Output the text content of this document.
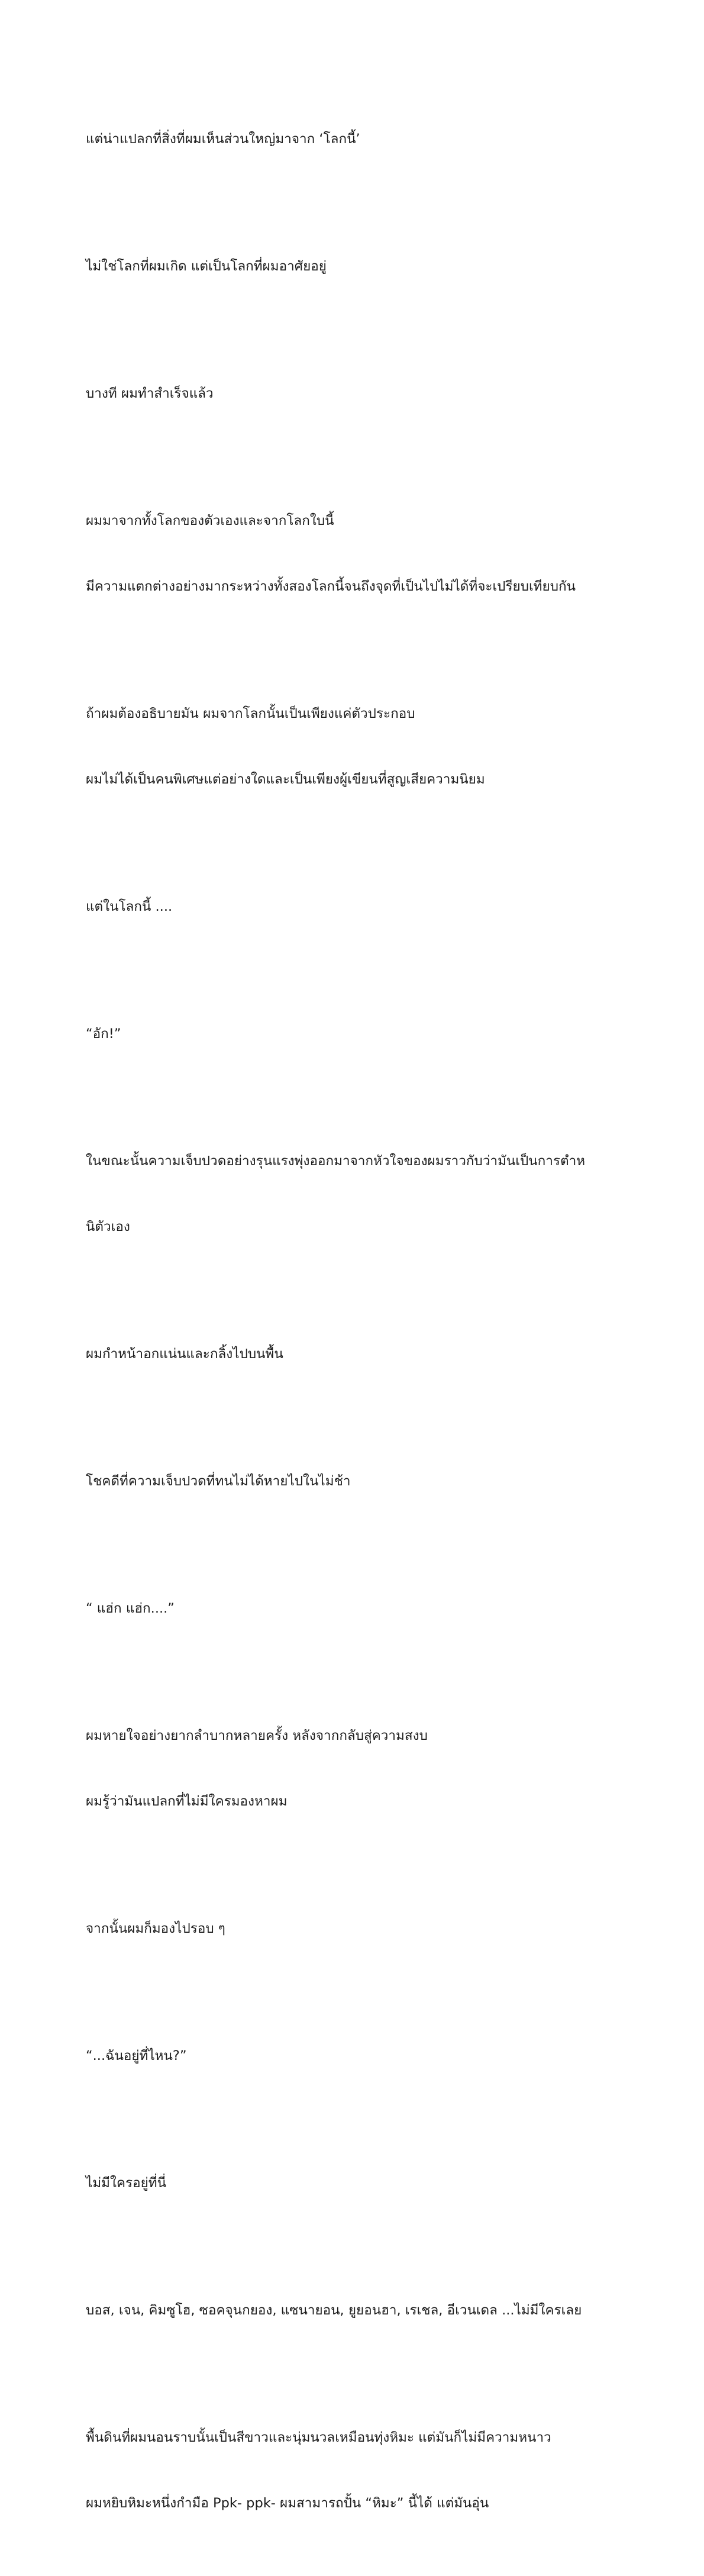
แต่น่าแปลกที่สิ่งที่ผมเห็นส่วนใหญ่มาจาก ‘โลกนี้’

ไม่ใช่โลกที่ผมเกิด แต่เป็นโลกที่ผมอาศัยอยู่

บางที ผมทำสำเร็จแล้ว

ผมมาจากทั้งโลกของตัวเองและจากโลกใบนี้

มีความแตกต่างอย่างมากระหว่างทั้งสองโลกนี้จนถึงจุดที่เป็นไปไม่ได้ที่จะเปรียบเทียบกัน

ถ้าผมต้องอธิบายมัน ผมจากโลกนั้นเป็นเพียงแค่ตัวประกอบ

ผมไม่ได้เป็นคนพิเศษแต่อย่างใดและเป็นเพียงผู้เขียนที่สูญเสียความนิยม

แต่ในโลกนี้ ....

“อัก!”

ในขณะนั้นความเจ็บปวดอย่างรุนแรงพุ่งออกมาจากหัวใจของผมราวกับว่ามันเป็นการตำห

นิตัวเอง

ผมกำหน้าอกแน่นและกลิ้งไปบนพื้น

โชคดีที่ความเจ็บปวดที่ทนไม่ได้หายไปในไม่ช้า

“ แฮ่ก แฮ่ก....”

ผมหายใจอย่างยากลำบากหลายครั้ง หลังจากกลับสู่ความสงบ

ผมรู้ว่ามันแปลกที่ไม่มีใครมองหาผม

จากนั้นผมก็มองไปรอบ ๆ

“...ฉันอยู่ที่ไหน?”

ไม่มีใครอยู่ที่นี่

บอส, เจน, คิมซูโฮ, ซอคจุนกยอง, แซนายอน, ยูยอนฮา, เรเชล, อีเวนเดล ...ไม่มีใครเลย

พื้นดินที่ผมนอนราบนั้นเป็นสีขาวและนุ่มนวลเหมือนทุ่งหิมะ แต่มันก็ไม่มีความหนาว

ผมหยิบหิมะหนึ่งกำมือ Ppk- ppk- ผมสามารถปั้น “หิมะ” นี้ได้ แต่มันอุ่น
